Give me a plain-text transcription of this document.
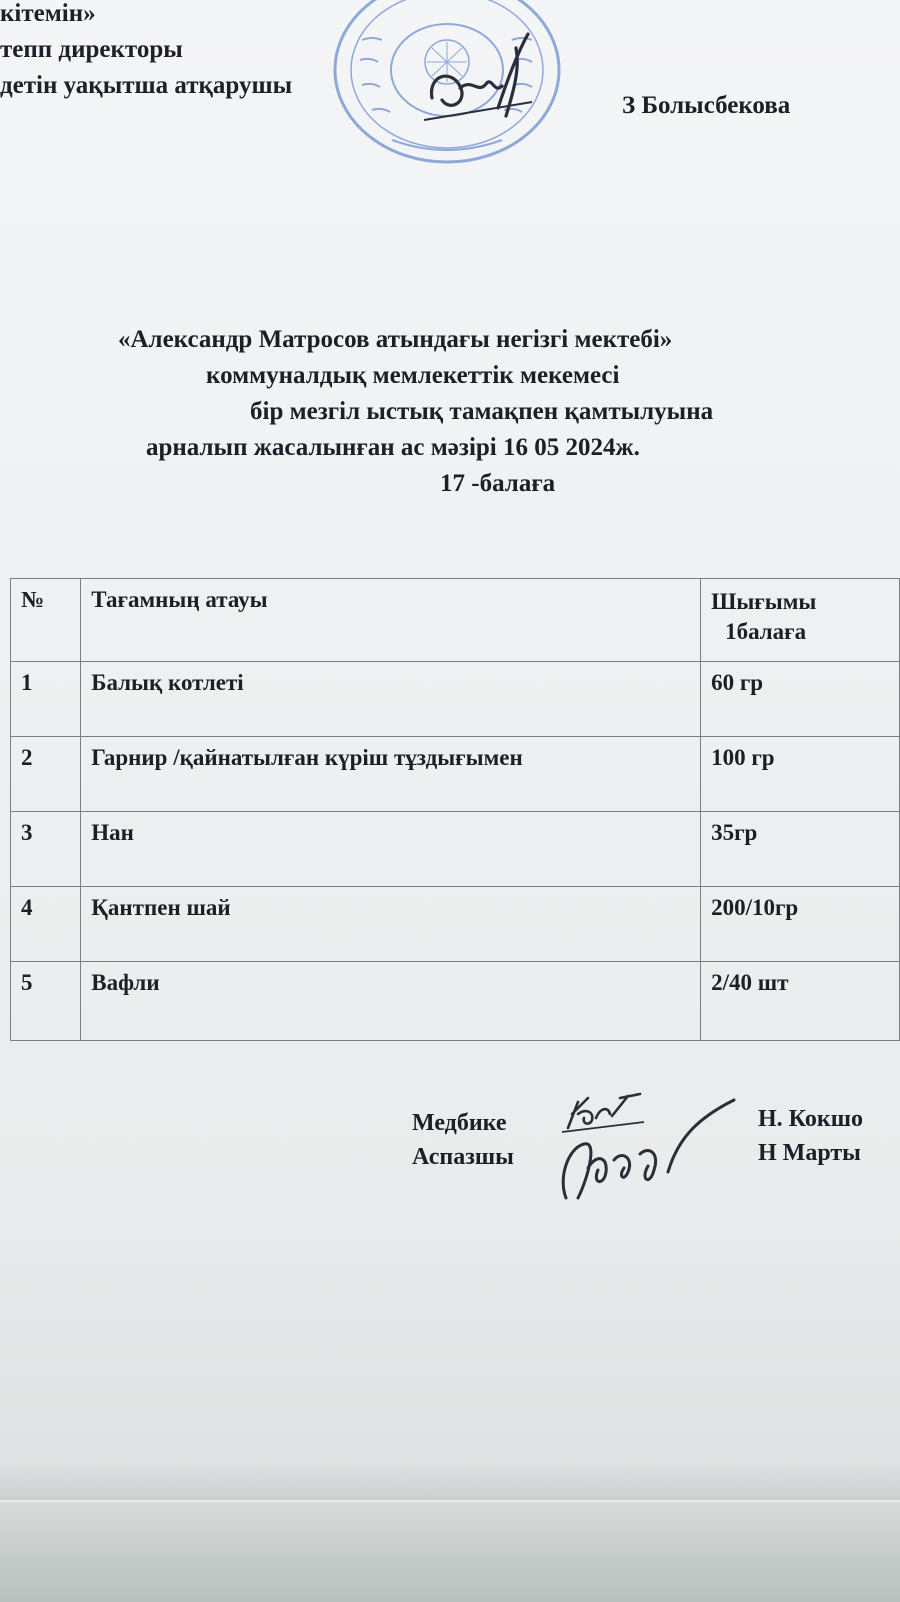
кітемін»
тепп директоры
детін уақытша атқарушы
З Болысбекова
«Александр Матросов атындағы негізгі мектебі»
коммуналдық мемлекеттік мекемесі
бір мезгіл ыстық тамақпен қамтылуына
арналып жасалынған ас мәзірі 16 05 2024ж.
17 -балаға
№	Тағамның атауы	Шығымы
1балаға

1	Балық котлеті	60 гр
2	Гарнир /қайнатылған күріш тұздығымен	100 гр
3	Нан	35гр
4	Қантпен шай	200/10гр
5	Вафли	2/40 шт
Медбике
Аспазшы
Н. Кокшо
Н Марты
